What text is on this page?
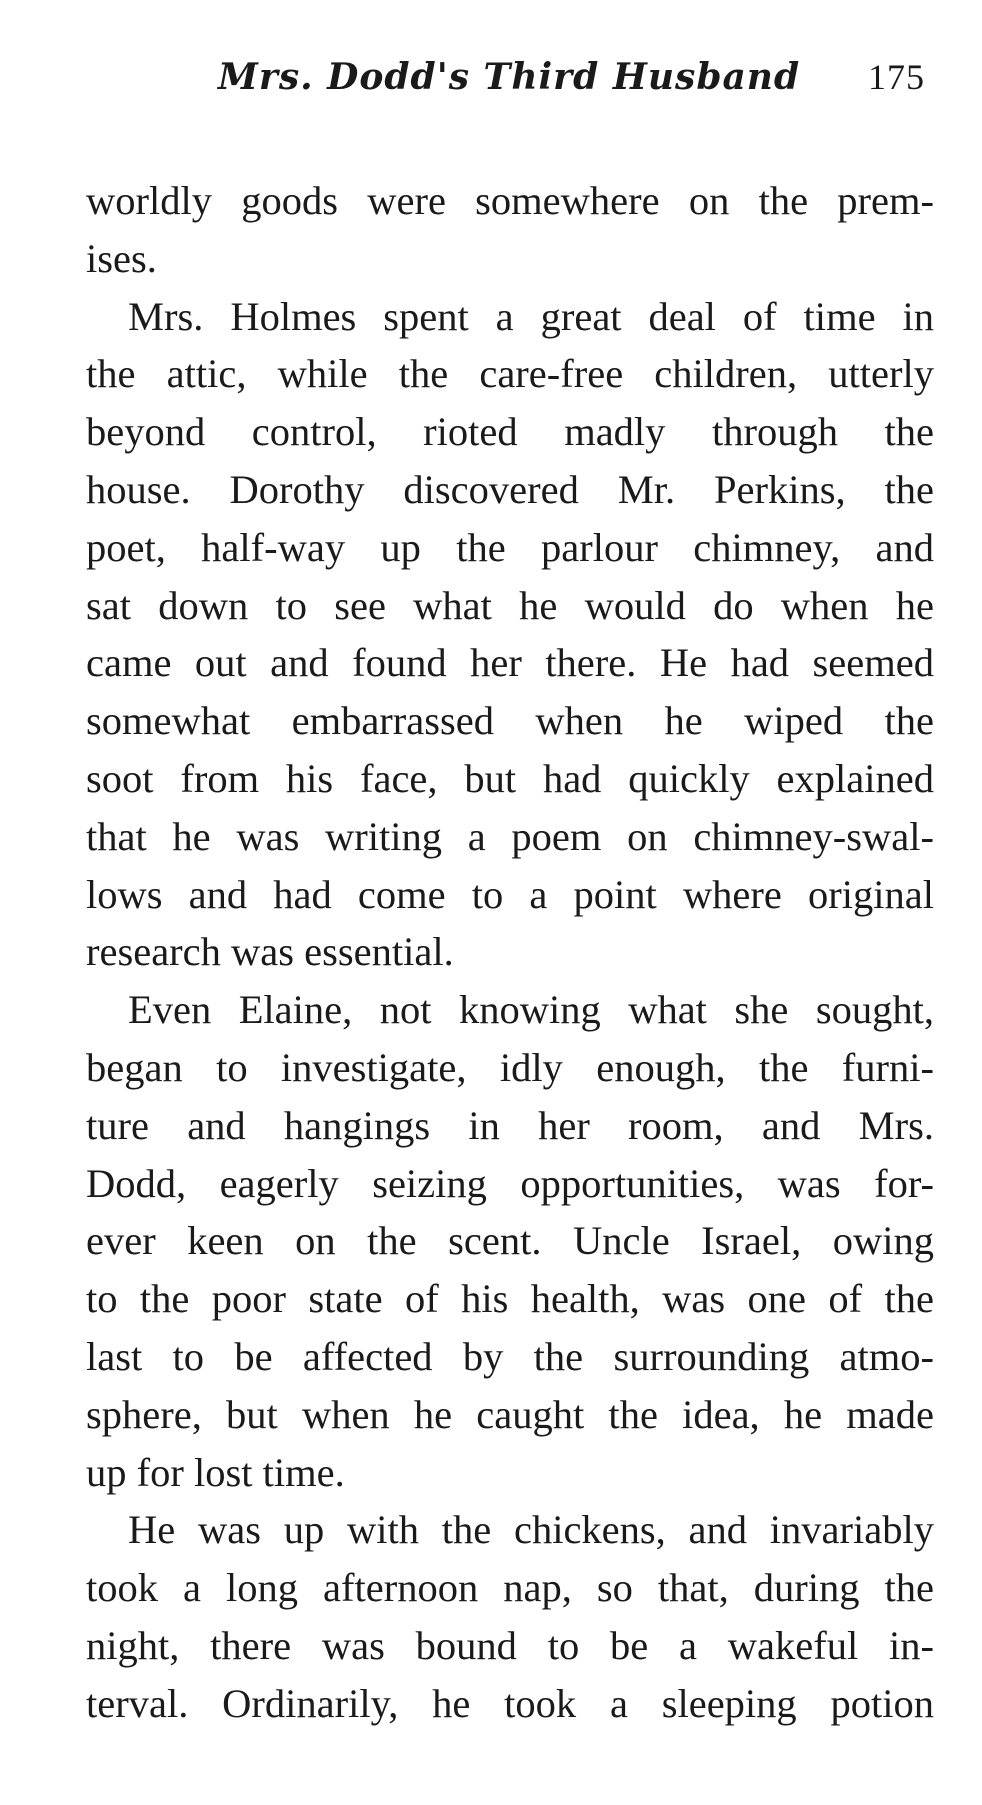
Mrs. Dodd's Third Husband 175
worldly goods were somewhere on the prem-
ises.
Mrs. Holmes spent a great deal of time in
the attic, while the care-free children, utterly
beyond control, rioted madly through the
house. Dorothy discovered Mr. Perkins, the
poet, half-way up the parlour chimney, and
sat down to see what he would do when he
came out and found her there. He had seemed
somewhat embarrassed when he wiped the
soot from his face, but had quickly explained
that he was writing a poem on chimney-swal-
lows and had come to a point where original
research was essential.
Even Elaine, not knowing what she sought,
began to investigate, idly enough, the furni-
ture and hangings in her room, and Mrs.
Dodd, eagerly seizing opportunities, was for-
ever keen on the scent. Uncle Israel, owing
to the poor state of his health, was one of the
last to be affected by the surrounding atmo-
sphere, but when he caught the idea, he made
up for lost time.
He was up with the chickens, and invariably
took a long afternoon nap, so that, during the
night, there was bound to be a wakeful in-
terval. Ordinarily, he took a sleeping potion
